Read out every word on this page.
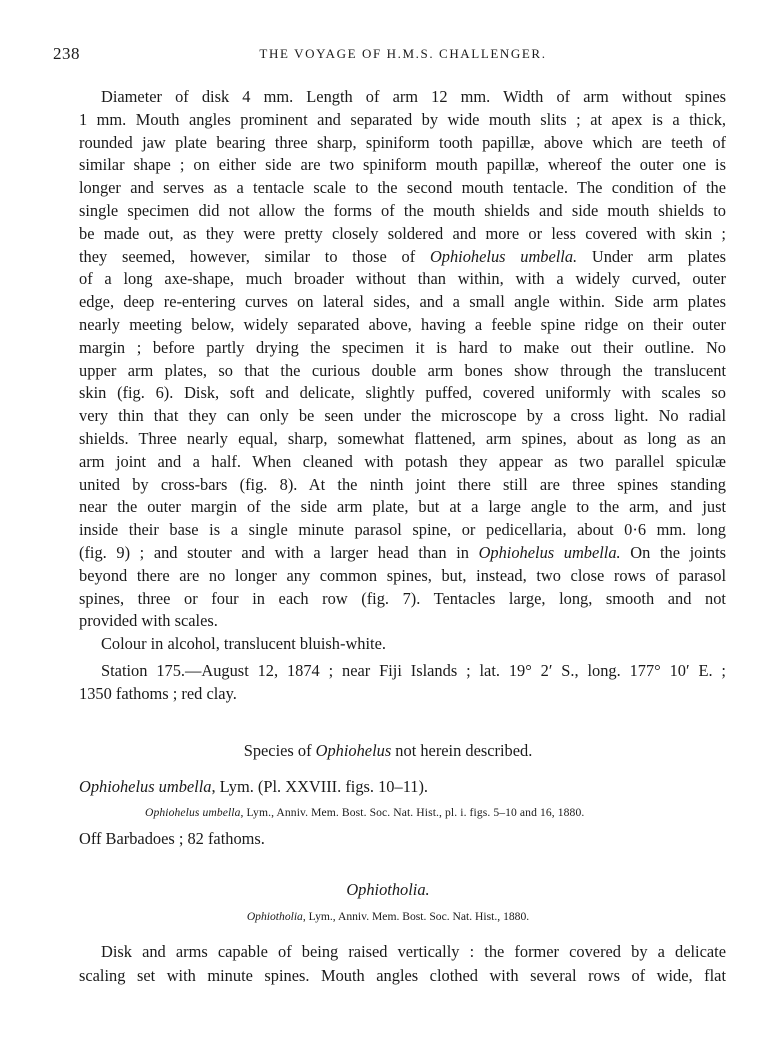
238	THE VOYAGE OF H.M.S. CHALLENGER.
Diameter of disk 4 mm. Length of arm 12 mm. Width of arm without spines
1 mm. Mouth angles prominent and separated by wide mouth slits ; at apex is a thick,
rounded jaw plate bearing three sharp, spiniform tooth papillæ, above which are teeth of
similar shape ; on either side are two spiniform mouth papillæ, whereof the outer one is
longer and serves as a tentacle scale to the second mouth tentacle. The condition of the
single specimen did not allow the forms of the mouth shields and side mouth shields to
be made out, as they were pretty closely soldered and more or less covered with skin ;
they seemed, however, similar to those of Ophiohelus umbella. Under arm plates
of a long axe-shape, much broader without than within, with a widely curved, outer
edge, deep re-entering curves on lateral sides, and a small angle within. Side arm plates
nearly meeting below, widely separated above, having a feeble spine ridge on their outer
margin ; before partly drying the specimen it is hard to make out their outline. No
upper arm plates, so that the curious double arm bones show through the translucent
skin (fig. 6). Disk, soft and delicate, slightly puffed, covered uniformly with scales so
very thin that they can only be seen under the microscope by a cross light. No radial
shields. Three nearly equal, sharp, somewhat flattened, arm spines, about as long as an
arm joint and a half. When cleaned with potash they appear as two parallel spiculæ
united by cross-bars (fig. 8). At the ninth joint there still are three spines standing
near the outer margin of the side arm plate, but at a large angle to the arm, and just
inside their base is a single minute parasol spine, or pedicellaria, about 0·6 mm. long
(fig. 9) ; and stouter and with a larger head than in Ophiohelus umbella. On the joints
beyond there are no longer any common spines, but, instead, two close rows of parasol
spines, three or four in each row (fig. 7). Tentacles large, long, smooth and not
provided with scales.
Colour in alcohol, translucent bluish-white.
Station 175.—August 12, 1874 ; near Fiji Islands ; lat. 19° 2′ S., long. 177° 10′ E. ;
1350 fathoms ; red clay.
Species of Ophiohelus not herein described.
Ophiohelus umbella, Lym. (Pl. XXVIII. figs. 10–11).
Ophiohelus umbella, Lym., Anniv. Mem. Bost. Soc. Nat. Hist., pl. i. figs. 5–10 and 16, 1880.
Off Barbadoes ; 82 fathoms.
Ophiotholia.
Ophiotholia, Lym., Anniv. Mem. Bost. Soc. Nat. Hist., 1880.
Disk and arms capable of being raised vertically : the former covered by a delicate
scaling set with minute spines. Mouth angles clothed with several rows of wide, flat
